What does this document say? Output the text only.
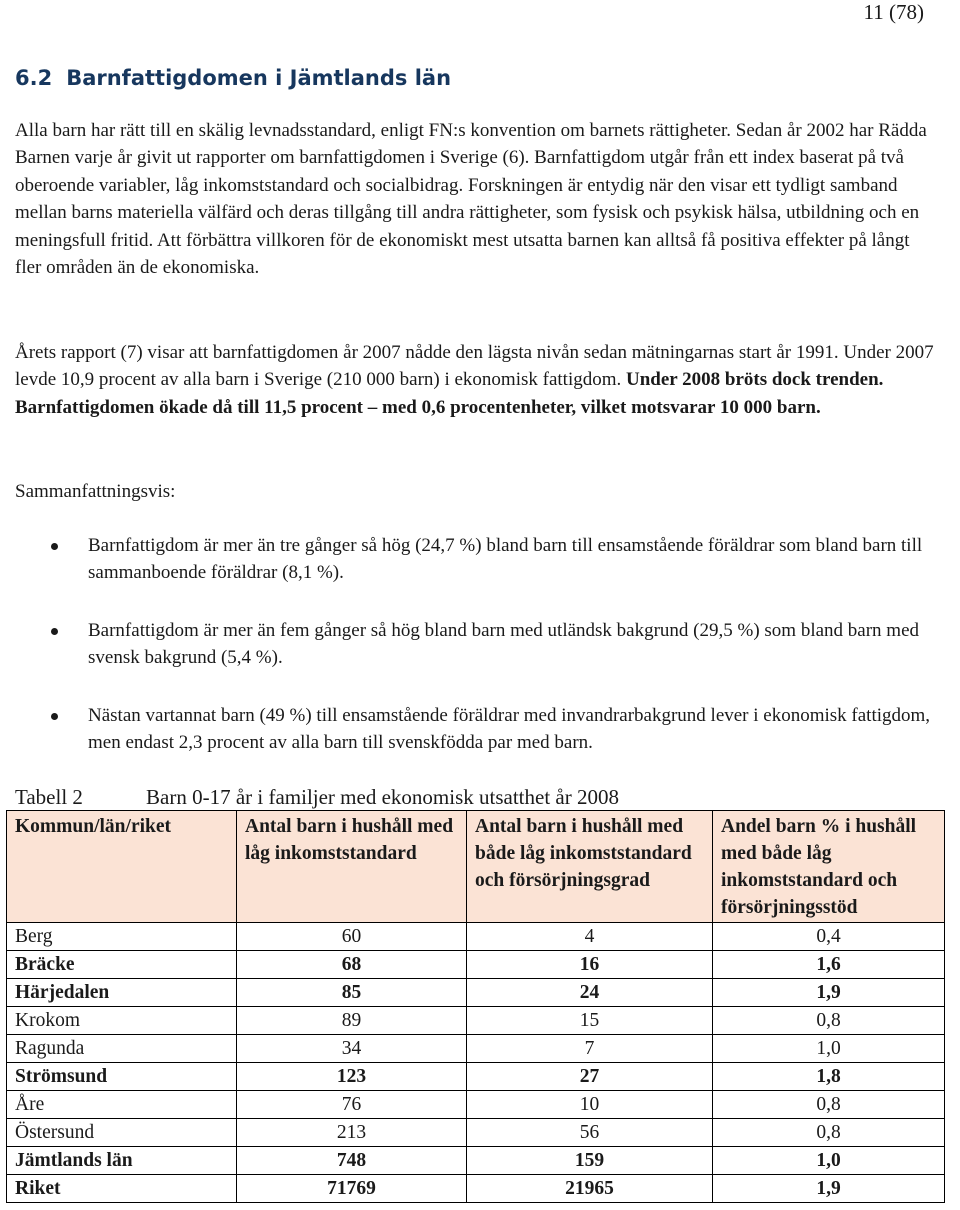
11 (78)
6.2 Barnfattigdomen i Jämtlands län

Alla barn har rätt till en skälig levnadsstandard, enligt FN:s konvention om barnets rättigheter. Sedan år 2002 har Rädda Barnen varje år givit ut rapporter om barnfattigdomen i Sverige (6). Barnfattigdom utgår från ett index baserat på två oberoende variabler, låg inkomststandard och socialbidrag. Forskningen är entydig när den visar ett tydligt samband mellan barns materiella välfärd och deras tillgång till andra rättigheter, som fysisk och psykisk hälsa, utbildning och en meningsfull fritid. Att förbättra villkoren för de ekonomiskt mest utsatta barnen kan alltså få positiva effekter på långt fler områden än de ekonomiska.

Årets rapport (7) visar att barnfattigdomen år 2007 nådde den lägsta nivån sedan mätningarnas start år 1991. Under 2007 levde 10,9 procent av alla barn i Sverige (210 000 barn) i ekonomisk fattigdom. Under 2008 bröts dock trenden. Barnfattigdomen ökade då till 11,5 procent – med 0,6 procentenheter, vilket motsvarar 10 000 barn.

Sammanfattningsvis:

Barnfattigdom är mer än tre gånger så hög (24,7 %) bland barn till ensamstående föräldrar som bland barn till sammanboende föräldrar (8,1 %).
Barnfattigdom är mer än fem gånger så hög bland barn med utländsk bakgrund (29,5 %) som bland barn med svensk bakgrund (5,4 %).
Nästan vartannat barn (49 %) till ensamstående föräldrar med invandrarbakgrund lever i ekonomisk fattigdom, men endast 2,3 procent av alla barn till svenskfödda par med barn.
Tabell 2	Barn 0-17 år i familjer med ekonomisk utsatthet år 2008
Kommun/län/riket	Antal barn i hushåll med låg inkomststandard	Antal barn i hushåll med både låg inkomststandard och försörjningsgrad	Andel barn % i hushåll med både låg inkomststandard och försörjningsstöd
Berg	60	4	0,4
Bräcke	68	16	1,6
Härjedalen	85	24	1,9
Krokom	89	15	0,8
Ragunda	34	7	1,0
Strömsund	123	27	1,8
Åre	76	10	0,8
Östersund	213	56	0,8
Jämtlands län	748	159	1,0
Riket	71769	21965	1,9
